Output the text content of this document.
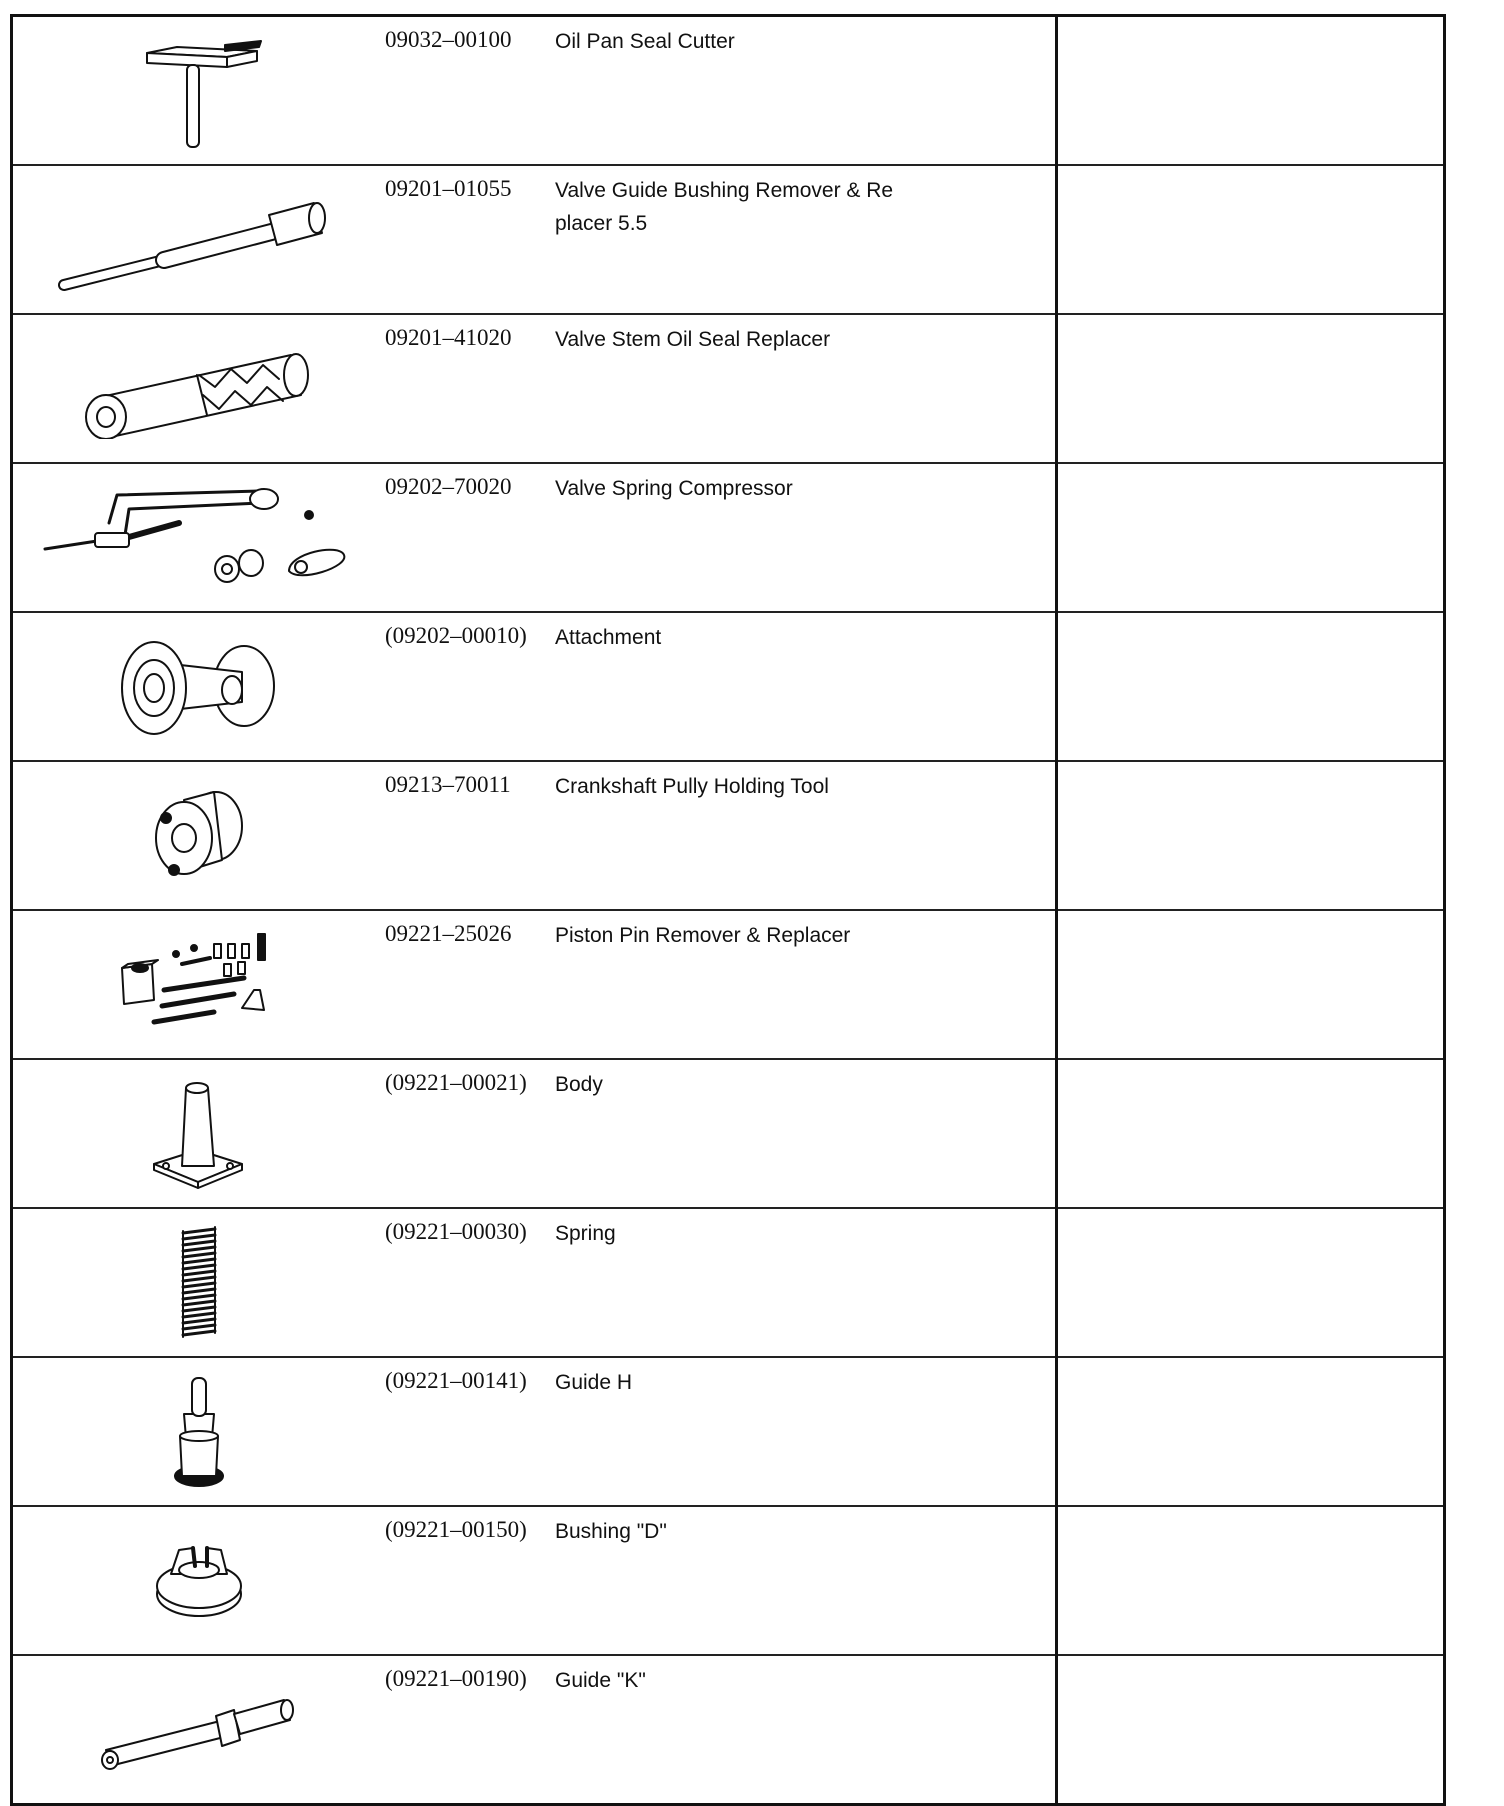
	09032–00100	Oil Pan Seal Cutter	

	09201–01055	Valve Guide Bushing Remover & Re
placer 5.5	

	09201–41020	Valve Stem Oil Seal Replacer	

	09202–70020	Valve Spring Compressor	

	(09202–00010)	Attachment	

	09213–70011	Crankshaft Pully Holding Tool	

	09221–25026	Piston Pin Remover & Replacer	

	(09221–00021)	Body	

	(09221–00030)	Spring	

	(09221–00141)	Guide H	

	(09221–00150)	Bushing "D"	

	(09221–00190)	Guide "K"	
